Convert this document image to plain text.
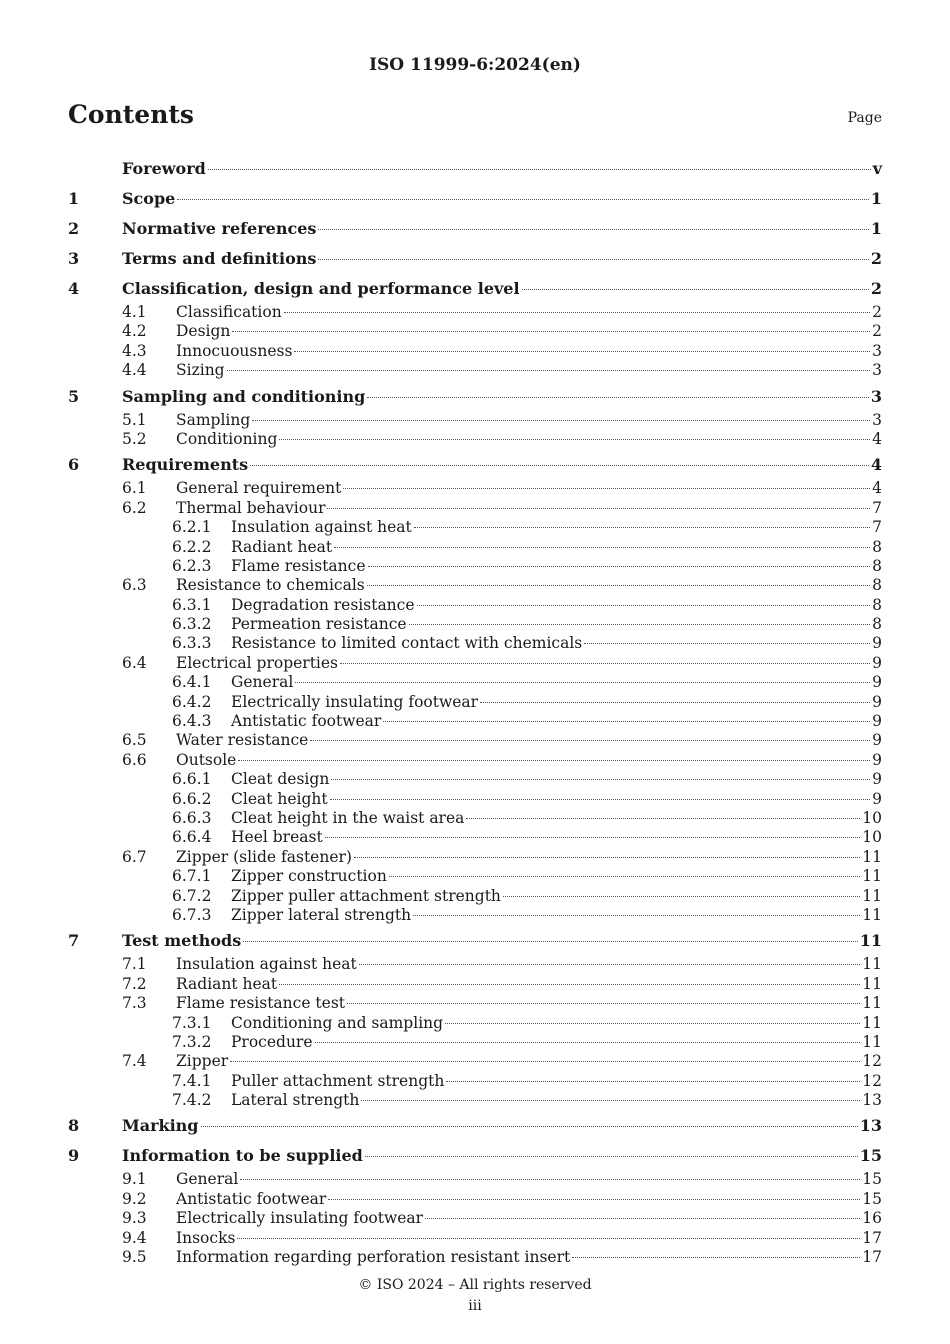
ISO 11999-6:2024(en)
Contents	Page
Foreword	v
1	Scope	1
2	Normative references	1
3	Terms and definitions	2
4	Classification, design and performance level	2
4.1	Classification	2
4.2	Design	2
4.3	Innocuousness	3
4.4	Sizing	3
5	Sampling and conditioning	3
5.1	Sampling	3
5.2	Conditioning	4
6	Requirements	4
6.1	General requirement	4
6.2	Thermal behaviour	7
6.2.1	Insulation against heat	7
6.2.2	Radiant heat	8
6.2.3	Flame resistance	8
6.3	Resistance to chemicals	8
6.3.1	Degradation resistance	8
6.3.2	Permeation resistance	8
6.3.3	Resistance to limited contact with chemicals	9
6.4	Electrical properties	9
6.4.1	General	9
6.4.2	Electrically insulating footwear	9
6.4.3	Antistatic footwear	9
6.5	Water resistance	9
6.6	Outsole	9
6.6.1	Cleat design	9
6.6.2	Cleat height	9
6.6.3	Cleat height in the waist area	10
6.6.4	Heel breast	10
6.7	Zipper (slide fastener)	11
6.7.1	Zipper construction	11
6.7.2	Zipper puller attachment strength	11
6.7.3	Zipper lateral strength	11
7	Test methods	11
7.1	Insulation against heat	11
7.2	Radiant heat	11
7.3	Flame resistance test	11
7.3.1	Conditioning and sampling	11
7.3.2	Procedure	11
7.4	Zipper	12
7.4.1	Puller attachment strength	12
7.4.2	Lateral strength	13
8	Marking	13
9	Information to be supplied	15
9.1	General	15
9.2	Antistatic footwear	15
9.3	Electrically insulating footwear	16
9.4	Insocks	17
9.5	Information regarding perforation resistant insert	17
© ISO 2024 – All rights reserved
iii
